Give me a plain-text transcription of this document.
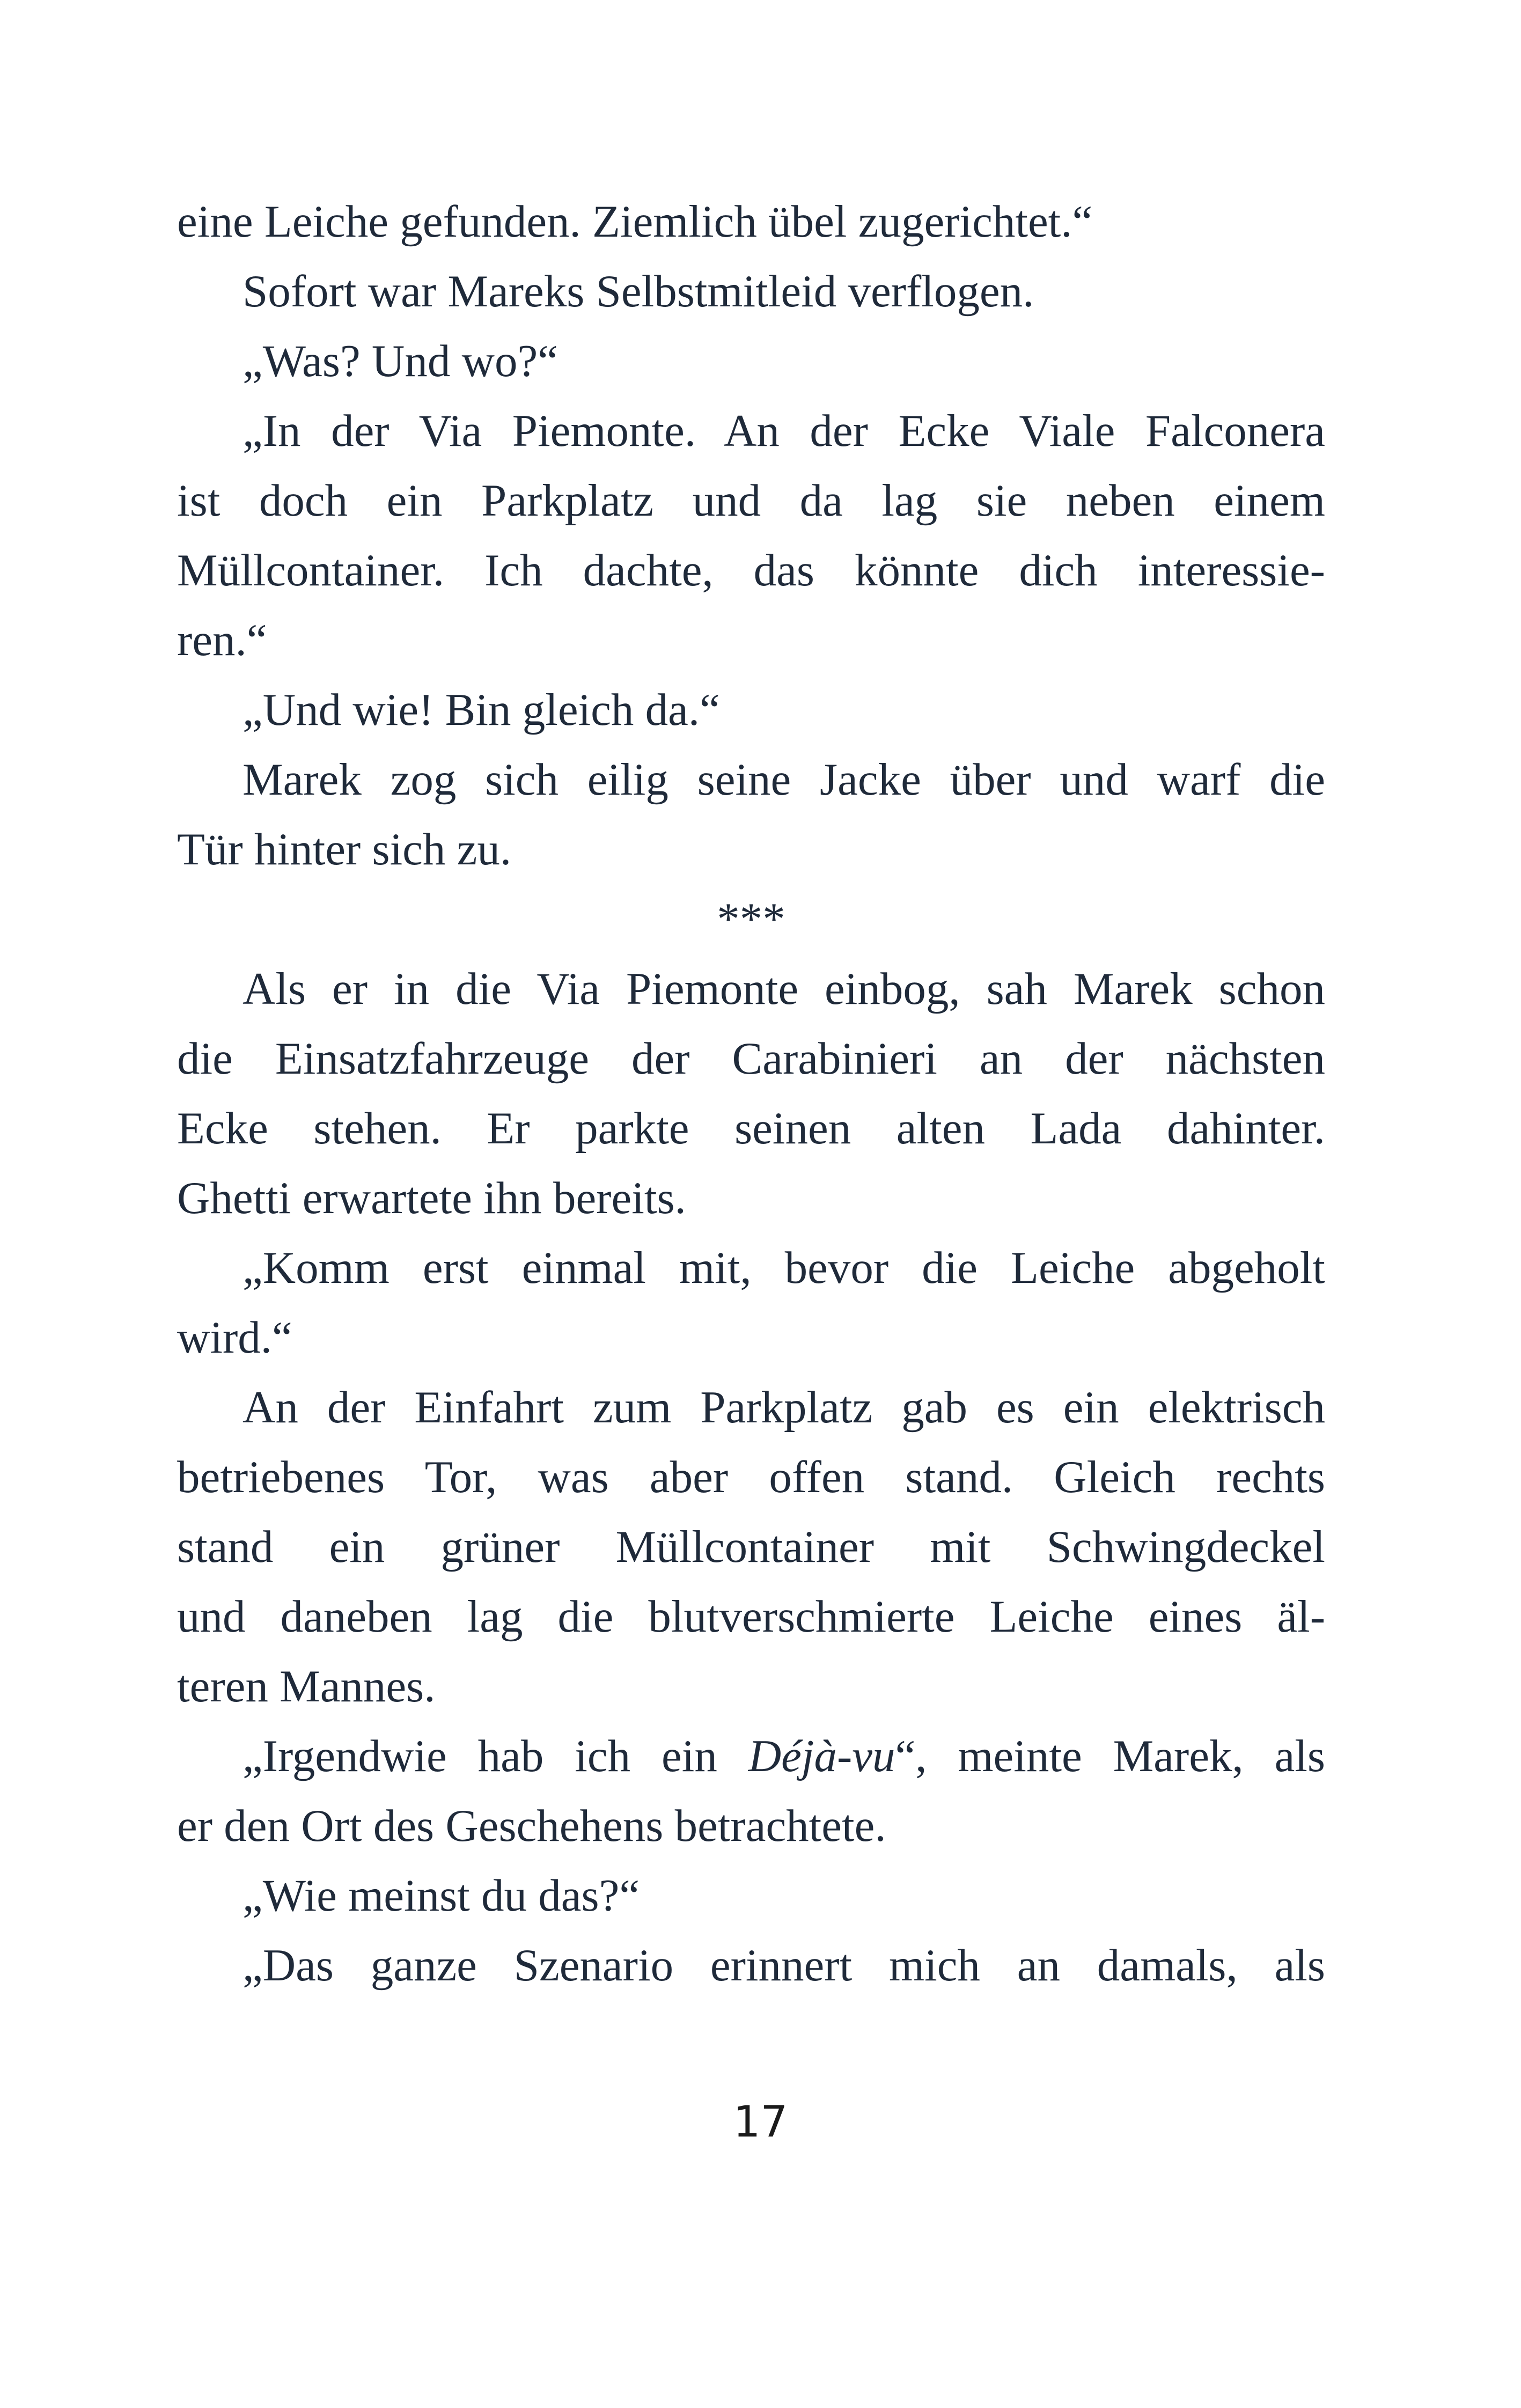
eine Leiche gefunden. Ziemlich übel zugerichtet.“
Sofort war Mareks Selbstmitleid verflogen.
„Was? Und wo?“
„In der Via Piemonte. An der Ecke Viale Falconera
ist doch ein Parkplatz und da lag sie neben einem
Müllcontainer. Ich dachte, das könnte dich interessie-
ren.“
„Und wie! Bin gleich da.“
Marek zog sich eilig seine Jacke über und warf die
Tür hinter sich zu.
***
Als er in die Via Piemonte einbog, sah Marek schon
die Einsatzfahrzeuge der Carabinieri an der nächsten
Ecke stehen. Er parkte seinen alten Lada dahinter.
Ghetti erwartete ihn bereits.
„Komm erst einmal mit, bevor die Leiche abgeholt
wird.“
An der Einfahrt zum Parkplatz gab es ein elektrisch
betriebenes Tor, was aber offen stand. Gleich rechts
stand ein grüner Müllcontainer mit Schwingdeckel
und daneben lag die blutverschmierte Leiche eines äl-
teren Mannes.
„Irgendwie hab ich ein Déjà-vu“, meinte Marek, als
er den Ort des Geschehens betrachtete.
„Wie meinst du das?“
„Das ganze Szenario erinnert mich an damals, als
17
